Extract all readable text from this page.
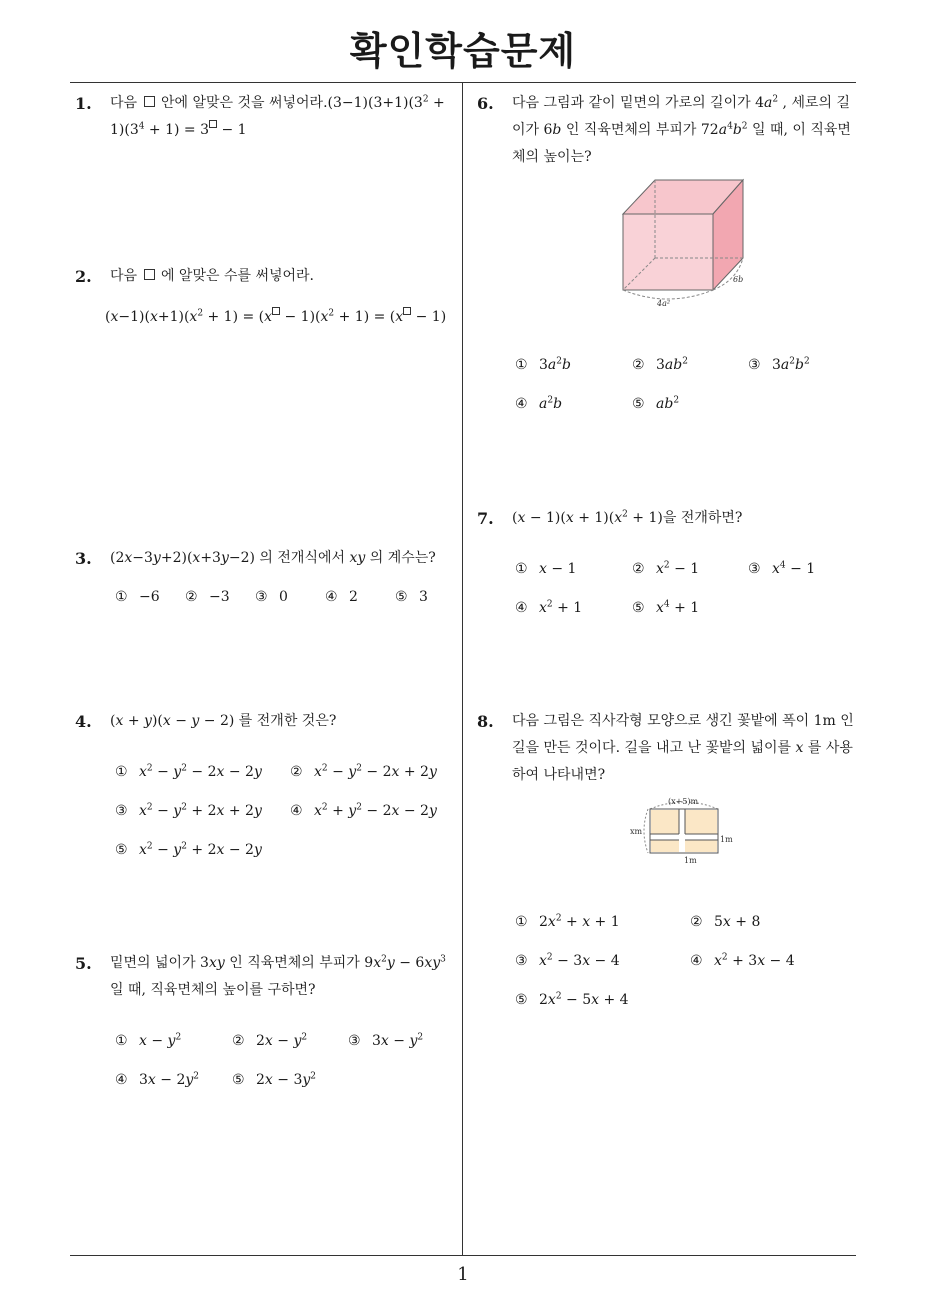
확인학습문제
1. 다음  안에 알맞은 것을 써넣어라$.(3-1)(3+1)(3^2 + 1)(3^4 + 1) = 3 - 1$
2. 다음  에 알맞은 수를 써넣어라.
$(x-1)(x+1)(x^2 + 1) = (x - 1)(x^2 + 1) = (x - 1)$
3. (2x−3y+2)(x+3y−2) 의 전개식에서 xy 의 계수는?
① −6 ② −3 ③ 0	④ 2	⑤ 3
4. (x + y)(x − y − 2) 를 전개한 것은?
① $x^2 - y^2 - 2x - 2y$ ② $x^2 - y^2 - 2x + 2y$
③ $x^2 - y^2 + 2x + 2y$ ④ $x^2 + y^2 - 2x - 2y$
⑤ $x^2 - y^2 + 2x - 2y$
5. 밑면의 넓이가 3xy 인 직육면체의 부피가 $9x^2y - 6xy^3$ 일 때, 직육면체의 높이를 구하면?
① $x - y^2$	② $2x - y^2$	③ $3x - y^2$
④ $3x - 2y^2$ ⑤ $2x - 3y^2$
6. 다음 그림과 같이 밑면의 가로의 길이가 $4a^2$ , 세로의 길이가 6b 인 직육면체의 부피가 $72a^4b^2$ 일 때, 이 직육면체의 높이는?
4a²
6b
① $3a^2b$	② $3ab^2$	③ $3a^2b^2$
④ $a^2b$	⑤ $ab^2$
7. $(x - 1)(x + 1)(x^2 + 1)$을 전개하면?
① x − 1	② $x^2 - 1$	③ $x^4 - 1$
④ $x^2 + 1$	⑤ $x^4 + 1$
8. 다음 그림은 직사각형 모양으로 생긴 꽃밭에 폭이 1m 인 길을 만든 것이다. 길을 내고 난 꽃밭의 넓이를 x 를 사용하여 나타내면?
(x+5)m
xm
1m
1m
① $2x^2 + x + 1$	② 5x + 8
③ $x^2 - 3x - 4$	④ $x^2 + 3x - 4$
⑤ $2x^2 - 5x + 4$
1
